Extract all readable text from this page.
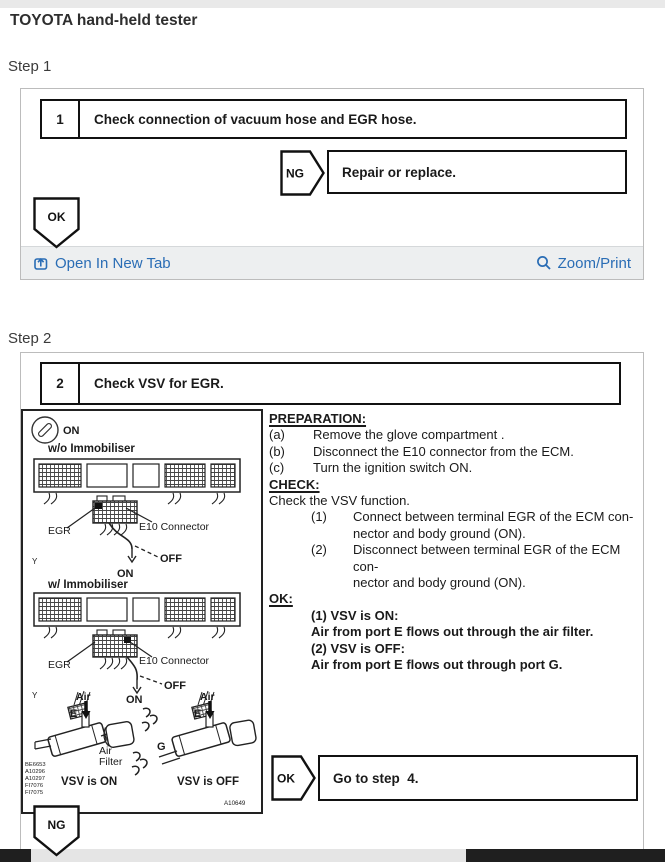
TOYOTA hand-held tester
Step 1
1	Check connection of vacuum hose and EGR hose.
NG	Repair or replace.
OK
Open In New Tab	Zoom/Print
Step 2
2	Check VSV for EGR.
ON
w/o Immobiliser
EGR	E10 Connector
ON
OFF
Y
w/ Immobiliser
EGR	E10 Connector
OFF
ON
Y	Air
E
Air
Filter
VSV is ON
Air
E
G
VSV is OFF
BE6653
A10296
A10297
FI7076
FI7075
A10649
PREPARATION:
(a)	Remove the glove compartment .
(b)	Disconnect the E10 connector from the ECM.
(c)	Turn the ignition switch ON.
CHECK:
Check the VSV function.
(1)	Connect between terminal EGR of the ECM con-
nector and body ground (ON).
(2)	Disconnect between terminal EGR of the ECM con-
nector and body ground (ON).
OK:
(1) VSV is ON:
Air from port E flows out through the air filter.
(2) VSV is OFF:
Air from port E flows out through port G.
OK	Go to step  4.
NG
